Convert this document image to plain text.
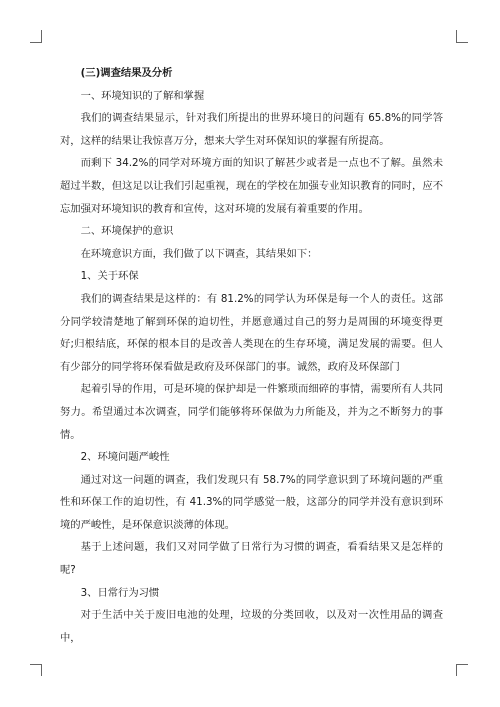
(三)调查结果及分析

一、环境知识的了解和掌握

我们的调查结果显示，针对我们所提出的世界环境日的问题有 65.8%的同学答对，这样的结果让我惊喜万分，想来大学生对环保知识的掌握有所提高。

而剩下 34.2%的同学对环境方面的知识了解甚少或者是一点也不了解。虽然未超过半数，但这足以让我们引起重视，现在的学校在加强专业知识教育的同时，应不忘加强对环境知识的教育和宣传，这对环境的发展有着重要的作用。

二、环境保护的意识

在环境意识方面，我们做了以下调查，其结果如下：

1、关于环保

我们的调查结果是这样的：有 81.2%的同学认为环保是每一个人的责任。这部分同学较清楚地了解到环保的迫切性，并愿意通过自己的努力是周围的环境变得更好;归根结底，环保的根本目的是改善人类现在的生存环境，满足发展的需要。但人有少部分的同学将环保看做是政府及环保部门的事。诚然，政府及环保部门

起着引导的作用，可是环境的保护却是一件繁琐而细碎的事情，需要所有人共同努力。希望通过本次调查，同学们能够将环保做为力所能及，并为之不断努力的事情。

2、环境问题严峻性

通过对这一问题的调查，我们发现只有 58.7%的同学意识到了环境问题的严重性和环保工作的迫切性，有 41.3%的同学感觉一般，这部分的同学并没有意识到环境的严峻性，是环保意识淡薄的体现。

基于上述问题，我们又对同学做了日常行为习惯的调查，看看结果又是怎样的呢?

3、日常行为习惯

对于生活中关于废旧电池的处理，垃圾的分类回收，以及对一次性用品的调查中，
